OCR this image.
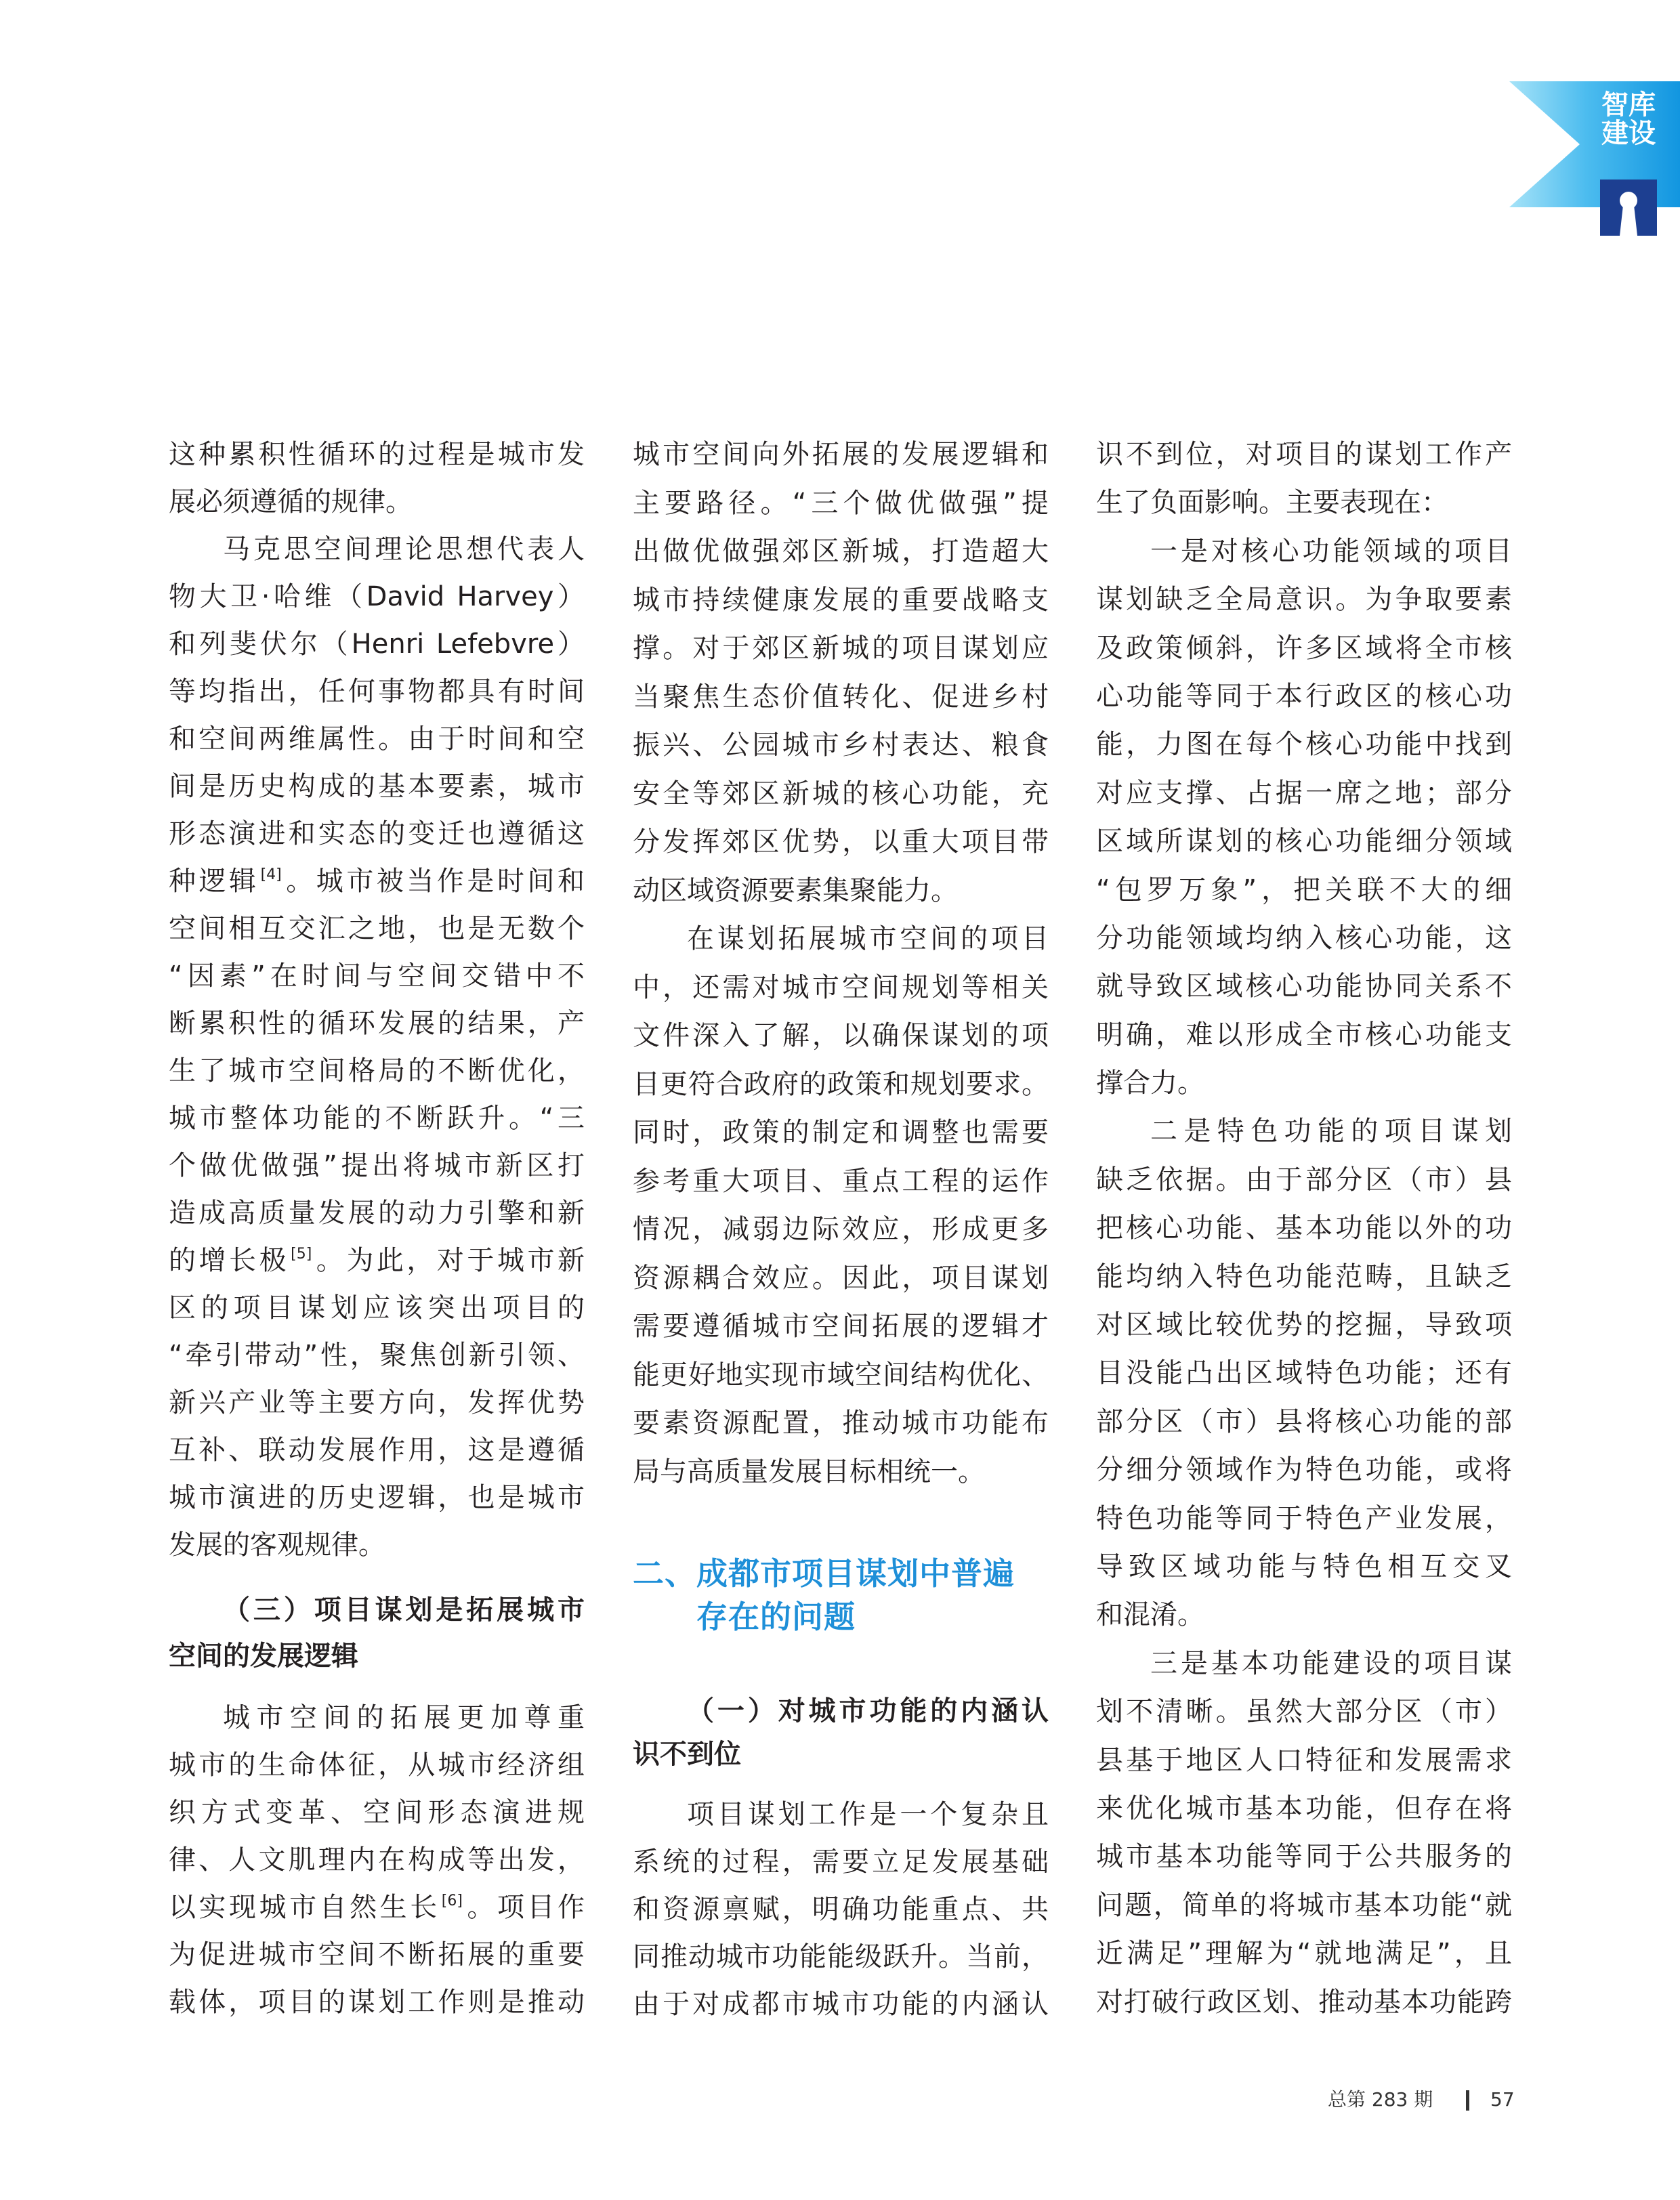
智库
建设
这种累积性循环的过程是城市发
展必须遵循的规律。
马克思空间理论思想代表人
物大卫·哈维（David Harvey）
和列斐伏尔（Henri Lefebvre）
等均指出，任何事物都具有时间
和空间两维属性。由于时间和空
间是历史构成的基本要素，城市
形态演进和实态的变迁也遵循这
种逻辑[4]。城市被当作是时间和
空间相互交汇之地，也是无数个
“因素”在时间与空间交错中不
断累积性的循环发展的结果，产
生了城市空间格局的不断优化，
城市整体功能的不断跃升。“三
个做优做强”提出将城市新区打
造成高质量发展的动力引擎和新
的增长极[5]。为此，对于城市新
区的项目谋划应该突出项目的
“牵引带动”性，聚焦创新引领、
新兴产业等主要方向，发挥优势
互补、联动发展作用，这是遵循
城市演进的历史逻辑，也是城市
发展的客观规律。
（三）项目谋划是拓展城市
空间的发展逻辑
城市空间的拓展更加尊重
城市的生命体征，从城市经济组
织方式变革、空间形态演进规
律、人文肌理内在构成等出发，
以实现城市自然生长[6]。项目作
为促进城市空间不断拓展的重要
载体，项目的谋划工作则是推动
城市空间向外拓展的发展逻辑和
主要路径。“三个做优做强”提
出做优做强郊区新城，打造超大
城市持续健康发展的重要战略支
撑。对于郊区新城的项目谋划应
当聚焦生态价值转化、促进乡村
振兴、公园城市乡村表达、粮食
安全等郊区新城的核心功能，充
分发挥郊区优势，以重大项目带
动区域资源要素集聚能力。
在谋划拓展城市空间的项目
中，还需对城市空间规划等相关
文件深入了解，以确保谋划的项
目更符合政府的政策和规划要求。
同时，政策的制定和调整也需要
参考重大项目、重点工程的运作
情况，减弱边际效应，形成更多
资源耦合效应。因此，项目谋划
需要遵循城市空间拓展的逻辑才
能更好地实现市域空间结构优化、
要素资源配置，推动城市功能布
局与高质量发展目标相统一。
二、成都市项目谋划中普遍
存在的问题
（一）对城市功能的内涵认
识不到位
项目谋划工作是一个复杂且
系统的过程，需要立足发展基础
和资源禀赋，明确功能重点、共
同推动城市功能能级跃升。当前，
由于对成都市城市功能的内涵认
识不到位，对项目的谋划工作产
生了负面影响。主要表现在：
一是对核心功能领域的项目
谋划缺乏全局意识。为争取要素
及政策倾斜，许多区域将全市核
心功能等同于本行政区的核心功
能，力图在每个核心功能中找到
对应支撑、占据一席之地；部分
区域所谋划的核心功能细分领域
“包罗万象”，把关联不大的细
分功能领域均纳入核心功能，这
就导致区域核心功能协同关系不
明确，难以形成全市核心功能支
撑合力。
二是特色功能的项目谋划
缺乏依据。由于部分区（市）县
把核心功能、基本功能以外的功
能均纳入特色功能范畴，且缺乏
对区域比较优势的挖掘，导致项
目没能凸出区域特色功能；还有
部分区（市）县将核心功能的部
分细分领域作为特色功能，或将
特色功能等同于特色产业发展，
导致区域功能与特色相互交叉
和混淆。
三是基本功能建设的项目谋
划不清晰。虽然大部分区（市）
县基于地区人口特征和发展需求
来优化城市基本功能，但存在将
城市基本功能等同于公共服务的
问题，简单的将城市基本功能“就
近满足”理解为“就地满足”，且
对打破行政区划、推动基本功能跨
总第 283 期	57
